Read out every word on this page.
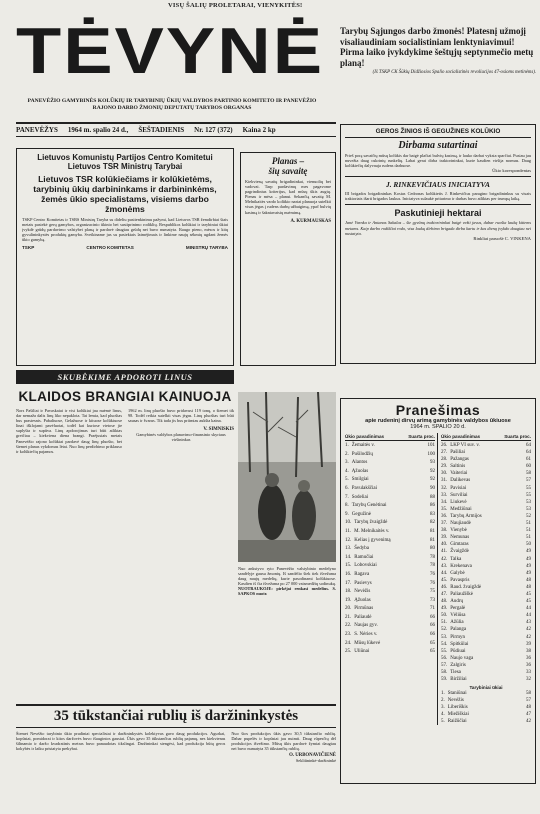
VISŲ ŠALIŲ PROLETARAI, VIENYKITĖS!
TĖVYNĖ
PANEVĖŽIO GAMYBINĖS KOLŪKIŲ IR TARYBINIŲ ŪKIŲ VALDYBOS PARTINIO KOMITETO IR PANEVĖŽIO RAJONO DARBO ŽMONIŲ DEPUTATŲ TARYBOS ORGANAS
PANEVĖŽYS 1964 m. spalio 24 d., ŠEŠTADIENIS Nr. 127 (372) Kaina 2 kp
Tarybų Sąjungos darbo žmonės! Platesnį užmojį visaliaudiniam socialistiniam lenktyniavimui! Pirma laiko įvykdykime šeštųjų septynmečio metų planą!
(Iš TSKP CK Šūkių Didžiosios Spalio socialistinės revoliucijos 47-osioms metinėms).
Lietuvos Komunistų Partijos Centro Komitetui
Lietuvos TSR Ministrų Tarybai
Lietuvos TSR kolūkiečiams ir kolūkietėms, tarybinių ūkių darbininkams ir darbininkėms, žemės ūkio specialistams, visiems darbo žmonėms
TSKP Centro Komitetas ir TSRS Ministrų Taryba su dideliu pasitenkinimu pažymi, kad Lietuvos TSR žemdirbiai šiais metais pasiekė gerų gamybos, organizacinio ūkinio bei sustiprinimo rodiklių. Respublikos kolūkiai ir tarybiniai ūkiai įvykdė grūdų pardavimo valstybei planą ir pardavė daugiau grūdų nei buvo numatyta. Išaugo pieno, mėsos ir kitų gyvulininkystės produktų gamyba. Sveikiname jus su pasiektais laimėjimais ir linkime naujų sėkmių ugdant žemės ūkio gamybą.
TSKP	CENTRO KOMITETAS	MINISTRŲ TARYBA
Planas –
šių savaitę
Kiekvieną savaitę brigadininkai, vienuolių bei vadovai. Tarp pardavimų mes pagavome pagrindinius kriterijus, kad mūsų ūkis augtų. Pienas ir mėsa – planui. Sekančią savaitę M. Melnikaitės vardo kolūkio nariai planuoja sutelkti visas jėgas į rudens darbų užbaigimą, ypač bulvių kasimą ir šakniavaisių nuėmimą.
A. KURMAUSKAS
GEROS ŽINIOS IŠ GEGUŽINES KOLŪKIO
Dirbama sutartinai
Prieš porą savaičių mūsų kolūkis dar baigė plačiai bulvių kasimą, ir lauko darbai vyksta sparčiai. Pusiau jau nuvežta daug cukrinių runkelių. Labai gerai dirba traktorininkai, kurie kasdien viršija normas. Daug kolūkiečių dalyvauja rudens darbuose.
Ūkio korespondentas
J. RINKEVIČIAUS INICIATYVA
III brigados brigadininkas Kostas Cedronas kolūkietis J. Rinkevičius paragino brigadininkus su visais traktoriais išarti brigados laukus. Iniciatyva sulaukė pritarimo ir darbas buvo atliktas per trumpą laiką.
Paskutinieji hektarai
Janė Varnka ir Antanas Sakalas – šie gyvūnų traktorininkai baigė vežti javus, dabar ruošia lauką kitiems metams. Kaip darbo rodikliai rodo, visa laukų dirbimo brigada dirba kartu ir kas dieną įvykdo daugiau nei nustatyta.
Rinkliai paruošė C. VINKENA
SKUBĖKIME APDOROTI LINUS
KLAIDOS BRANGIAI KAINUOJA
Nors Pašiliai ir Pavaskaiai ir visi kolūkiai jau nuėmė linus, dar nemaža dalis linų liko nepaklota. Tai lemia, kad pluoštas bus prastesnis. Pabaliuose, Gelažuose ir kituose kolūkiuose linai išklojami pavėluotai, todėl kai kuriose vietose jie suplyšta ir supūva. Linų apdorojimas turi būti atliktas greičiau – kiekviena diena brangi. Praėjusiais metais Panevėžio rajono kolūkiai pardavė daug linų pluošto, bet šiemet planas vykdomas lėtai. Nuo linų perdirbimo priklauso ir kolūkiečių pajamos.
1962 m. linų pluošto buvo pridavusi 119 tonų, o šiemet tik 98. Todėl reikia sutelkti visas jėgas. Linų pluoštas turi būti sausas ir švarus. Tik tada jis bus priimtas aukšta kaina.
V. SIMNISKIS
Gamybinės valdybos planavimo-finansinio skyriaus viršininkas
Nuo ankstyvo ryto Panevėžio valstybinio medelyno sandėlyje gausu žmonių. Iš sandėlio šiek tiek išvežama daug naujų medelių, kurie pasodinami kolūkiuose. Kasdien iš čia išvežama po 27 000 vaismedžių sodinukų.
NUOTRAUKOJE: pirkėjai renkasi medelius. S. SAPKOS nuotr.
Pranešimas
apie rudeninį dirvų arimą gamybinės valdybos ūkiuose
1964 m. SPALIO 20 d.
Ūkio pavadinimas	Suarta proc.
1. Žemaitės v.	101
2. Pušilodžių	100
3. Alantos	93
4. Ąžuolas	92
5. Smilgiai	92
6. Pavulakščiai	90
7. Sodeliai	88
8. Tarybų Genėtinai	86
9. Gegužinė	83
10. Tarybų žvaigždė	82
11. M. Melnikaitės v.	81
12. Kelias į gyvenimą	81
13. Šedyba	80
14. Ramučiai	78
15. Lobovskiai	78
16. Ragava	76
17. Pasievys	76
18. Nevėžis	75
19. Ąžuolas	73
20. Pirmūnas	71
21. Paliaudė	66
22. Naujas gyv.	66
23. S. Nėries v.	66
24. Mūsų lūkevė	65
25. Uliūnai	65
Ūkio pavadinimas	Suarta proc.
26. LKP VI suv. v.	64
27. Pašiliai	64
28. Pažangas	61
29. Saltinis	60
30. Vaiteriai	58
31. Dalikevas	57
32. Pavisiai	55
33. Surviliai	55
34. Liukevė	53
35. Medžiūnai	53
36. Tarybų Armijos	52
37. Naujiaudė	51
38. Vienybė	51
39. Nemunas	51
40. Gimtaras	50
41. Žvaigždė	49
42. Talka	49
43. Krekenava	49
44. Galybė	49
45. Pavaspris	48
46. Raud. žvaigždė	48
47. Paliaužiškė	45
48. Audrų	45
49. Pergalė	44
50. Vėliūsa	44
51. Ažūlia	43
52. Palanga	42
53. Pirmyn	42
54. Spitkūlai	39
55. Pūdiuai	38
56. Naujo vaga	36
57. Zalgiris	36
58. Tiesa	33
59. Biržiliai	32
Tarybiniai ūkiai
1. Staniūnai	58
2. Nevėžis	57
3. Liberiškis	48
4. Miežiškiai	47
5. Raižūčiai	42
35 tūkstančiai rublių iš daržininkystės
Šiemet Nevėžio tarybinio ūkio pradiniai specialistai ir daržininkystės kolektyvas gavo daug produkcijos. Agurkai, kopūstai, pomidorai ir kitos daržovės buvo išaugintos gausiai. Ūkis gavo 35 tūkstančius rublių pajamų, nes kiekvienas šiltnamio ir daržo kvadratinis metras buvo panaudotas tikslingai. Daržininkai stengėsi, kad produkcija būtų geros kokybės ir laiku pristatyta prekybai.
Nuo šios produkcijos ūkis gavo 30,5 tūkstančio rublių. Dabar pupelės ir kopūstai jau nuimti. Daug rūpesčių dėl produkcijos išvežimo. Mūsų ūkis pardavė žymiai daugiau nei buvo numatyta 35 tūkstančių rublių.
O. URBONAVIČIENĖ
Sekliūninkė-daržininkė
